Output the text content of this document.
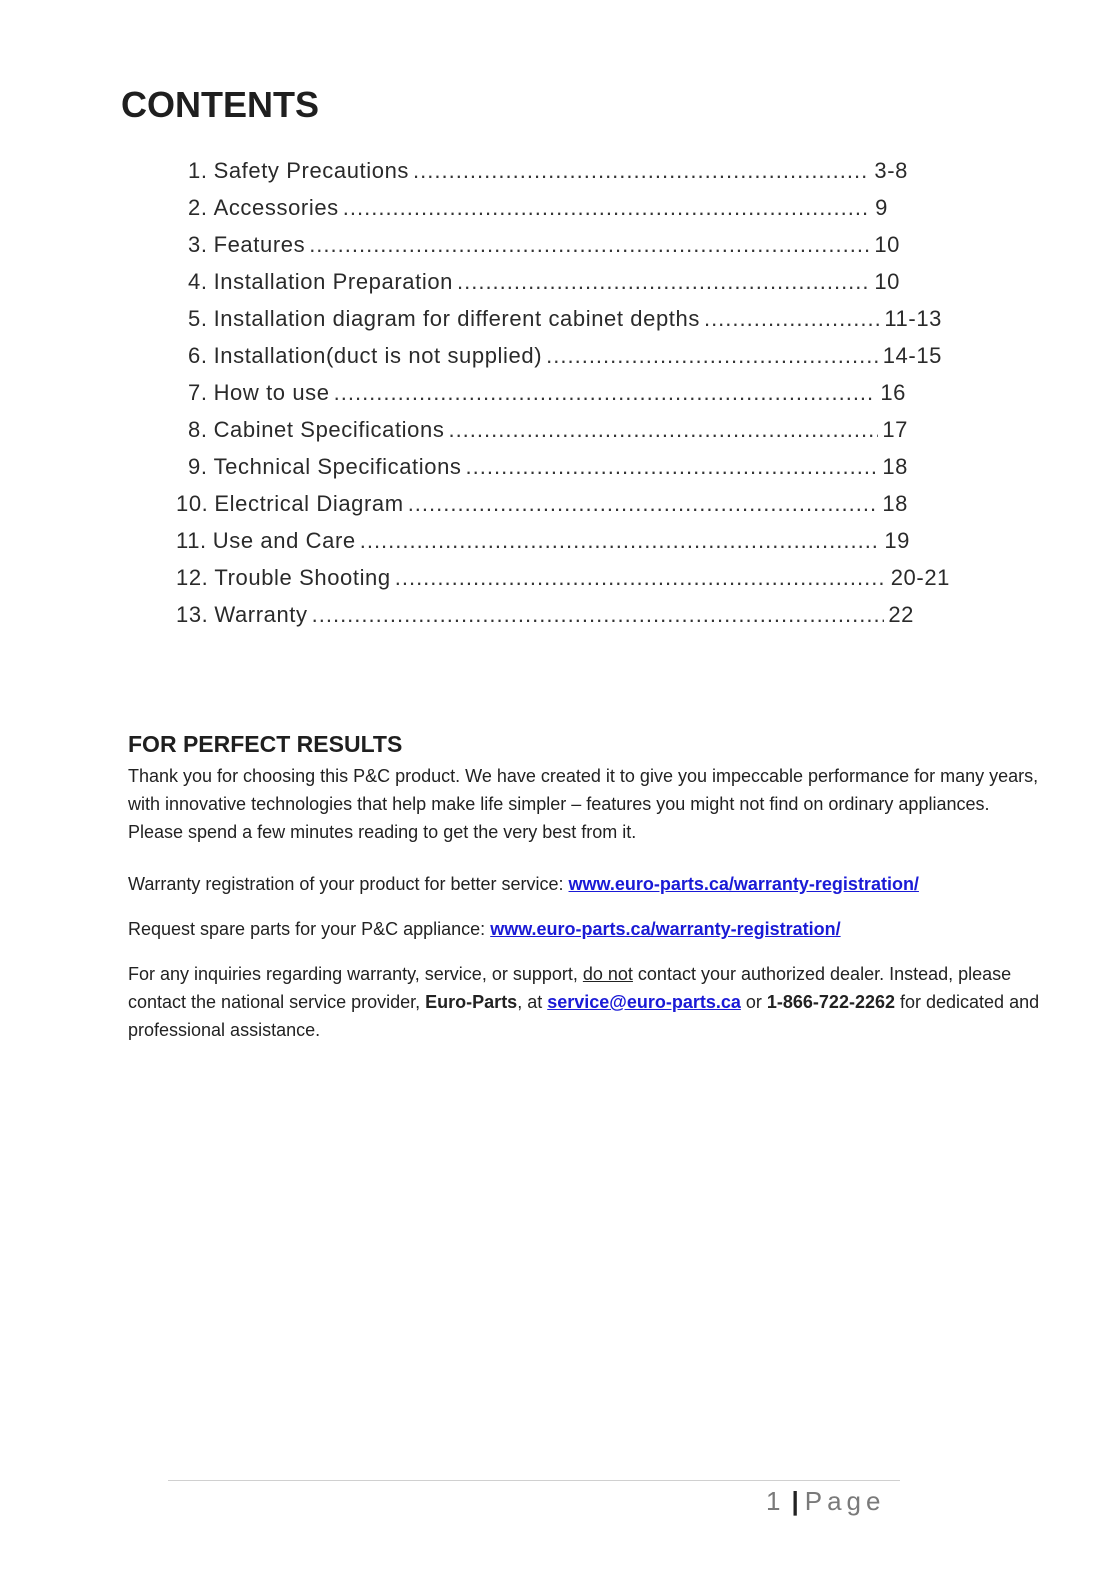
CONTENTS
1. Safety Precautions .....	3-8
2. Accessories .....	9
3. Features .....	10
4. Installation Preparation .....	10
5. Installation diagram for different cabinet depths .....	11-13
6. Installation(duct is not supplied) .....	14-15
7. How to use .....	16
8. Cabinet Specifications .....	17
9. Technical Specifications .....	18
10. Electrical Diagram .....	18
11. Use and Care .....	19
12. Trouble Shooting .....	20-21
13. Warranty .....	22
FOR PERFECT RESULTS

Thank you for choosing this P&C product. We have created it to give you impeccable performance for many years, with innovative technologies that help make life simpler – features you might not find on ordinary appliances. Please spend a few minutes reading to get the very best from it.

Warranty registration of your product for better service: www.euro-parts.ca/warranty-registration/

Request spare parts for your P&C appliance: www.euro-parts.ca/warranty-registration/

For any inquiries regarding warranty, service, or support, do not contact your authorized dealer. Instead, please contact the national service provider, Euro-Parts, at service@euro-parts.ca or 1-866-722-2262 for dedicated and professional assistance.

1 | Page
